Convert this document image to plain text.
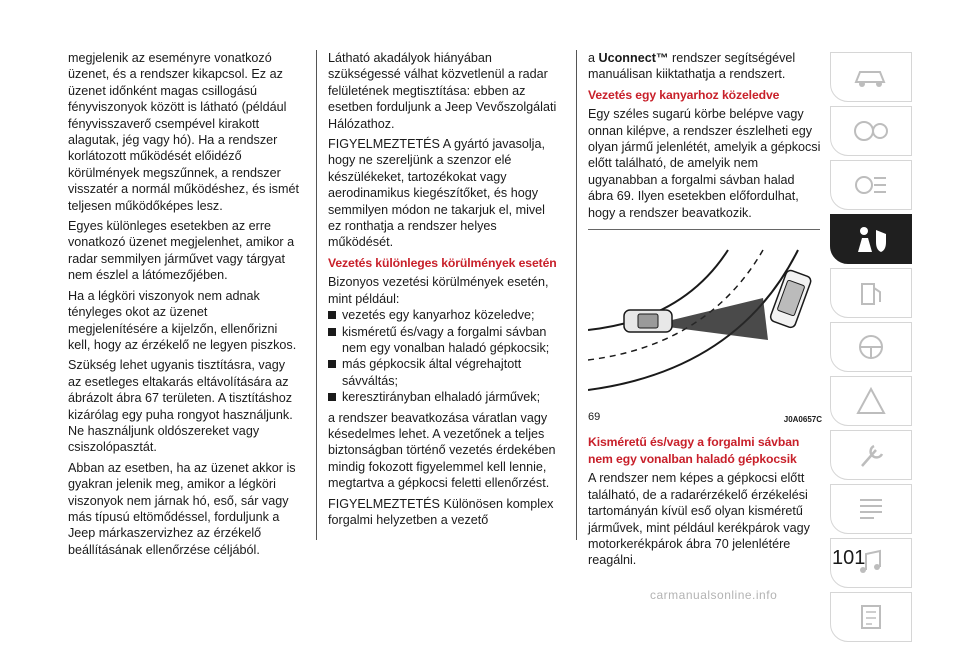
megjelenik az eseményre vonatkozó üzenet, és a rendszer kikapcsol. Ez az üzenet időnként magas csillogású fényviszonyok között is látható (például fényvisszaverő csempével kirakott alagutak, jég vagy hó). Ha a rendszer korlátozott működését előidéző körülmények megszűnnek, a rendszer visszatér a normál működéshez, és ismét teljesen működőképes lesz.

Egyes különleges esetekben az erre vonatkozó üzenet megjelenhet, amikor a radar semmilyen járművet vagy tárgyat nem észlel a látómezőjében.

Ha a légköri viszonyok nem adnak tényleges okot az üzenet megjelenítésére a kijelzőn, ellenőrizni kell, hogy az érzékelő ne legyen piszkos.

Szükség lehet ugyanis tisztításra, vagy az esetleges eltakarás eltávolítására az ábrázolt ábra 67 területen. A tisztításhoz kizárólag egy puha rongyot használjunk. Ne használjunk oldószereket vagy csiszolópasztát.

Abban az esetben, ha az üzenet akkor is gyakran jelenik meg, amikor a légköri viszonyok nem járnak hó, eső, sár vagy más típusú eltömődéssel, forduljunk a Jeep márkaszervizhez az érzékelő beállításának ellenőrzése céljából.

Látható akadályok hiányában szükségessé válhat közvetlenül a radar felületének megtisztítása: ebben az esetben forduljunk a Jeep Vevőszolgálati Hálózathoz.

FIGYELMEZTETÉS A gyártó javasolja, hogy ne szereljünk a szenzor elé készülékeket, tartozékokat vagy aerodinamikus kiegészítőket, és hogy semmilyen módon ne takarjuk el, mivel ez ronthatja a rendszer helyes működését.

Vezetés különleges körülmények esetén

Bizonyos vezetési körülmények esetén, mint például:

vezetés egy kanyarhoz közeledve;
kisméretű és/vagy a forgalmi sávban nem egy vonalban haladó gépkocsik;
más gépkocsik által végrehajtott sávváltás;
keresztirányban elhaladó járművek;

a rendszer beavatkozása váratlan vagy késedelmes lehet. A vezetőnek a teljes biztonságban történő vezetés érdekében mindig fokozott figyelemmel kell lennie, megtartva a gépkocsi feletti ellenőrzést.

FIGYELMEZTETÉS Különösen komplex forgalmi helyzetben a vezető

a Uconnect™ rendszer segítségével manuálisan kiiktathatja a rendszert.

Vezetés egy kanyarhoz közeledve

Egy széles sugarú körbe belépve vagy onnan kilépve, a rendszer észlelheti egy olyan jármű jelenlétét, amelyik a gépkocsi előtt található, de amelyik nem ugyanabban a forgalmi sávban halad ábra 69. Ilyen esetekben előfordulhat, hogy a rendszer beavatkozik.

69	J0A0657C

Kisméretű és/vagy a forgalmi sávban nem egy vonalban haladó gépkocsik

A rendszer nem képes a gépkocsi előtt található, de a radarérzékelő érzékelési tartományán kívül eső olyan kisméretű járművek, mint például kerékpárok vagy motorkerékpárok ábra 70 jelenlétére reagálni.	101
carmanualsonline.info
